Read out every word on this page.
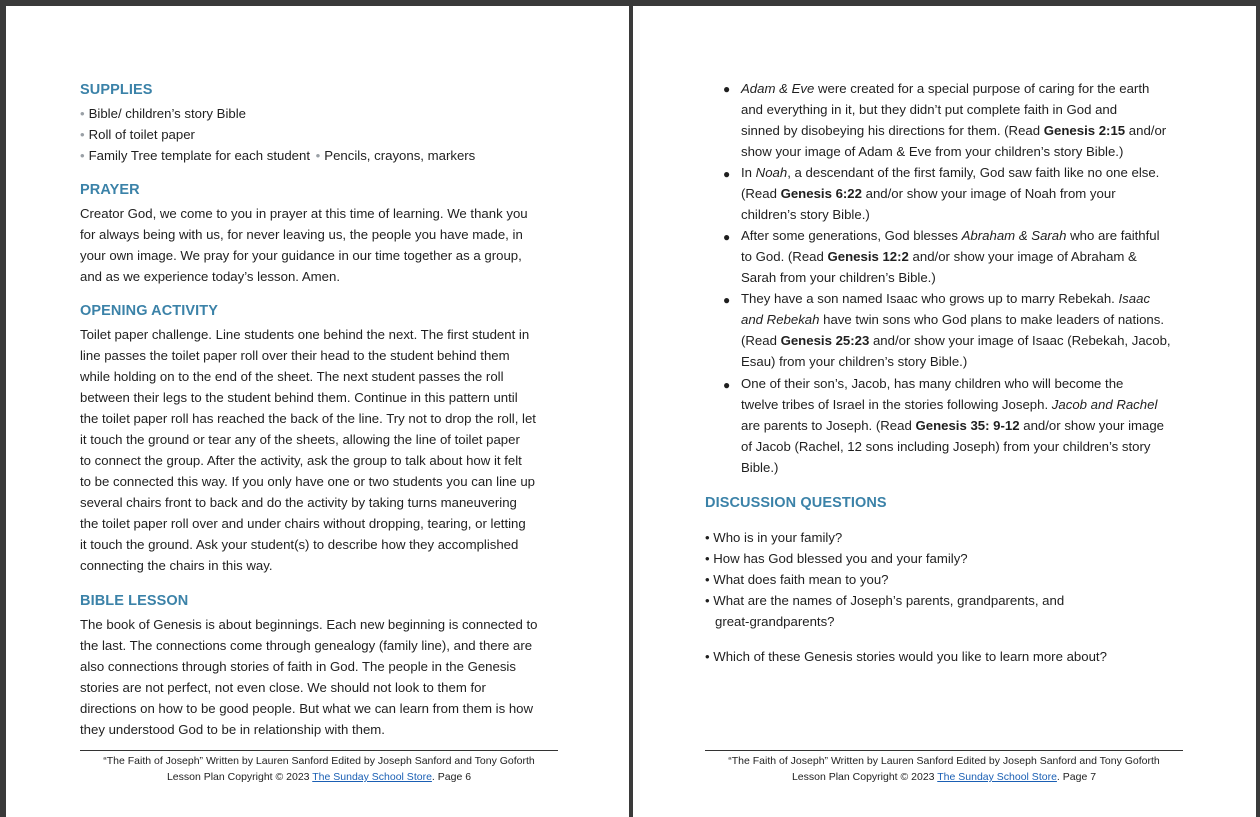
SUPPLIES
• Bible/ children’s story Bible
• Roll of toilet paper
• Family Tree template for each student • Pencils, crayons, markers
PRAYER
Creator God, we come to you in prayer at this time of learning. We thank you
for always being with us, for never leaving us, the people you have made, in
your own image. We pray for your guidance in our time together as a group,
and as we experience today’s lesson. Amen.
OPENING ACTIVITY
Toilet paper challenge. Line students one behind the next. The first student in
line passes the toilet paper roll over their head to the student behind them
while holding on to the end of the sheet. The next student passes the roll
between their legs to the student behind them. Continue in this pattern until
the toilet paper roll has reached the back of the line. Try not to drop the roll, let
it touch the ground or tear any of the sheets, allowing the line of toilet paper
to connect the group. After the activity, ask the group to talk about how it felt
to be connected this way. If you only have one or two students you can line up
several chairs front to back and do the activity by taking turns maneuvering
the toilet paper roll over and under chairs without dropping, tearing, or letting
it touch the ground. Ask your student(s) to describe how they accomplished
connecting the chairs in this way.
BIBLE LESSON
The book of Genesis is about beginnings. Each new beginning is connected to
the last. The connections come through genealogy (family line), and there are
also connections through stories of faith in God. The people in the Genesis
stories are not perfect, not even close. We should not look to them for
directions on how to be good people. But what we can learn from them is how
they understood God to be in relationship with them.
“The Faith of Joseph” Written by Lauren Sanford Edited by Joseph Sanford and Tony Goforth
Lesson Plan Copyright © 2023 The Sunday School Store. Page 6
● Adam & Eve were created for a special purpose of caring for the earth
and everything in it, but they didn’t put complete faith in God and
sinned by disobeying his directions for them. (Read Genesis 2:15 and/or
show your image of Adam & Eve from your children’s story Bible.)
● In Noah, a descendant of the first family, God saw faith like no one else.
(Read Genesis 6:22 and/or show your image of Noah from your
children’s story Bible.)
● After some generations, God blesses Abraham & Sarah who are faithful
to God. (Read Genesis 12:2 and/or show your image of Abraham &
Sarah from your children’s Bible.)
● They have a son named Isaac who grows up to marry Rebekah. Isaac
and Rebekah have twin sons who God plans to make leaders of nations.
(Read Genesis 25:23 and/or show your image of Isaac (Rebekah, Jacob,
Esau) from your children’s story Bible.)
● One of their son’s, Jacob, has many children who will become the
twelve tribes of Israel in the stories following Joseph. Jacob and Rachel
are parents to Joseph. (Read Genesis 35: 9-12 and/or show your image
of Jacob (Rachel, 12 sons including Joseph) from your children’s story
Bible.)
DISCUSSION QUESTIONS
• Who is in your family?
• How has God blessed you and your family?
• What does faith mean to you?
• What are the names of Joseph’s parents, grandparents, and
great-grandparents?
• Which of these Genesis stories would you like to learn more about?
“The Faith of Joseph” Written by Lauren Sanford Edited by Joseph Sanford and Tony Goforth
Lesson Plan Copyright © 2023 The Sunday School Store. Page 7
